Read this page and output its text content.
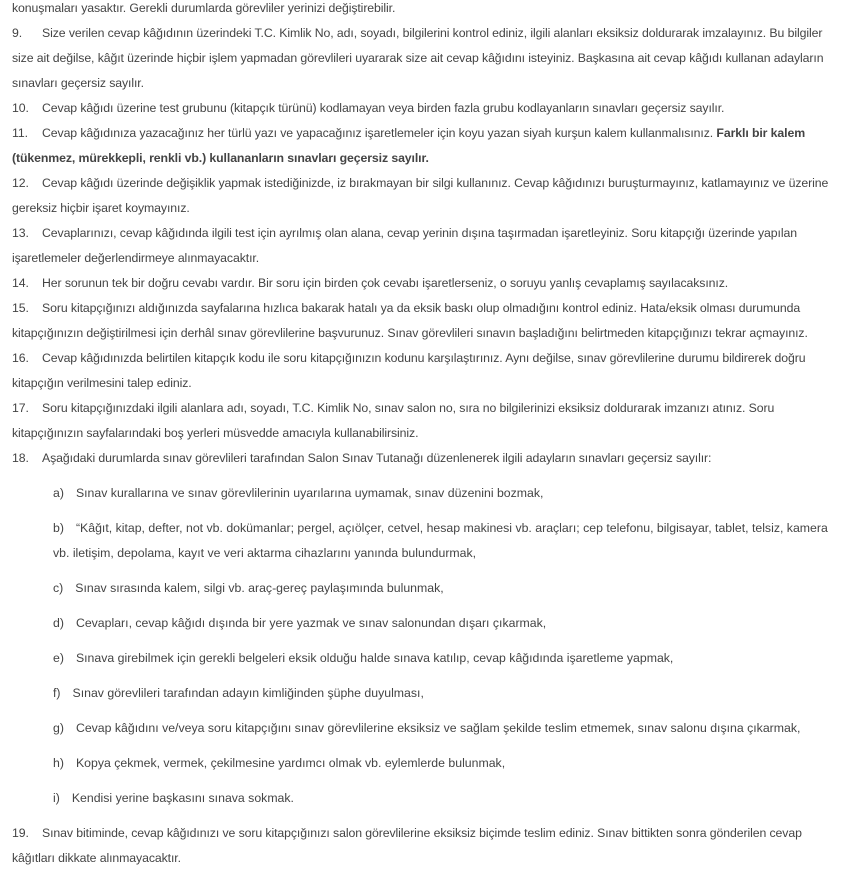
konuşmaları yasaktır. Gerekli durumlarda görevliler yerinizi değiştirebilir.

9. Size verilen cevap kâğıdının üzerindeki T.C. Kimlik No, adı, soyadı, bilgilerini kontrol ediniz, ilgili alanları eksiksiz doldurarak imzalayınız. Bu bilgiler size ait değilse, kâğıt üzerinde hiçbir işlem yapmadan görevlileri uyararak size ait cevap kâğıdını isteyiniz. Başkasına ait cevap kâğıdı kullanan adayların sınavları geçersiz sayılır.

10. Cevap kâğıdı üzerine test grubunu (kitapçık türünü) kodlamayan veya birden fazla grubu kodlayanların sınavları geçersiz sayılır.

11. Cevap kâğıdınıza yazacağınız her türlü yazı ve yapacağınız işaretlemeler için koyu yazan siyah kurşun kalem kullanmalısınız. Farklı bir kalem (tükenmez, mürekkepli, renkli vb.) kullananların sınavları geçersiz sayılır.

12. Cevap kâğıdı üzerinde değişiklik yapmak istediğinizde, iz bırakmayan bir silgi kullanınız. Cevap kâğıdınızı buruşturmayınız, katlamayınız ve üzerine gereksiz hiçbir işaret koymayınız.

13. Cevaplarınızı, cevap kâğıdında ilgili test için ayrılmış olan alana, cevap yerinin dışına taşırmadan işaretleyiniz. Soru kitapçığı üzerinde yapılan işaretlemeler değerlendirmeye alınmayacaktır.

14. Her sorunun tek bir doğru cevabı vardır. Bir soru için birden çok cevabı işaretlerseniz, o soruyu yanlış cevaplamış sayılacaksınız.

15. Soru kitapçığınızı aldığınızda sayfalarına hızlıca bakarak hatalı ya da eksik baskı olup olmadığını kontrol ediniz. Hata/eksik olması durumunda kitapçığınızın değiştirilmesi için derhâl sınav görevlilerine başvurunuz. Sınav görevlileri sınavın başladığını belirtmeden kitapçığınızı tekrar açmayınız.

16. Cevap kâğıdınızda belirtilen kitapçık kodu ile soru kitapçığınızın kodunu karşılaştırınız. Aynı değilse, sınav görevlilerine durumu bildirerek doğru kitapçığın verilmesini talep ediniz.

17. Soru kitapçığınızdaki ilgili alanlara adı, soyadı, T.C. Kimlik No, sınav salon no, sıra no bilgilerinizi eksiksiz doldurarak imzanızı atınız. Soru kitapçığınızın sayfalarındaki boş yerleri müsvedde amacıyla kullanabilirsiniz.

18. Aşağıdaki durumlarda sınav görevlileri tarafından Salon Sınav Tutanağı düzenlenerek ilgili adayların sınavları geçersiz sayılır:

a) Sınav kurallarına ve sınav görevlilerinin uyarılarına uymamak, sınav düzenini bozmak,

b) “Kâğıt, kitap, defter, not vb. dokümanlar; pergel, açıölçer, cetvel, hesap makinesi vb. araçları; cep telefonu, bilgisayar, tablet, telsiz, kamera vb. iletişim, depolama, kayıt ve veri aktarma cihazlarını yanında bulundurmak,

c) Sınav sırasında kalem, silgi vb. araç-gereç paylaşımında bulunmak,

d) Cevapları, cevap kâğıdı dışında bir yere yazmak ve sınav salonundan dışarı çıkarmak,

e) Sınava girebilmek için gerekli belgeleri eksik olduğu halde sınava katılıp, cevap kâğıdında işaretleme yapmak,

f) Sınav görevlileri tarafından adayın kimliğinden şüphe duyulması,

g) Cevap kâğıdını ve/veya soru kitapçığını sınav görevlilerine eksiksiz ve sağlam şekilde teslim etmemek, sınav salonu dışına çıkarmak,

h) Kopya çekmek, vermek, çekilmesine yardımcı olmak vb. eylemlerde bulunmak,

i) Kendisi yerine başkasını sınava sokmak.

19. Sınav bitiminde, cevap kâğıdınızı ve soru kitapçığınızı salon görevlilerine eksiksiz biçimde teslim ediniz. Sınav bittikten sonra gönderilen cevap kâğıtları dikkate alınmayacaktır.
